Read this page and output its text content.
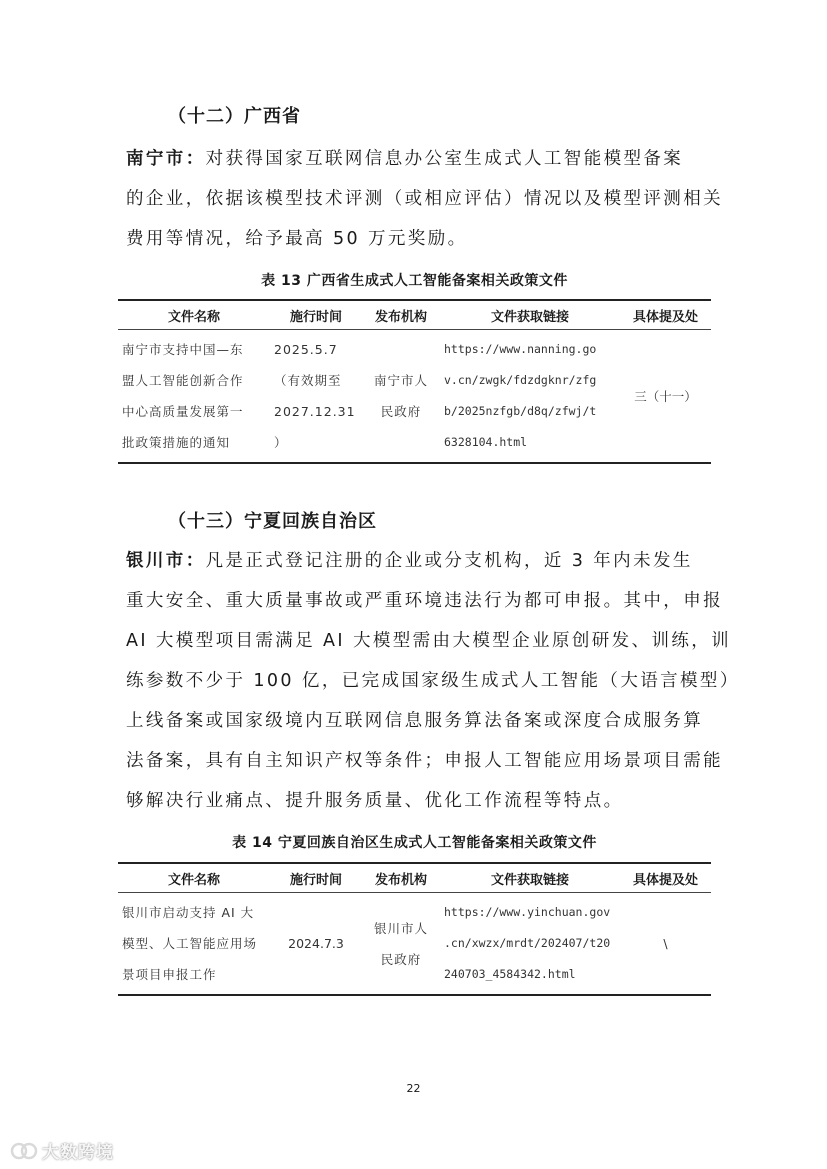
（十二）广西省
南宁市：对获得国家互联网信息办公室生成式人工智能模型备案
的企业，依据该模型技术评测（或相应评估）情况以及模型评测相关
费用等情况，给予最高 50 万元奖励。
表 13 广西省生成式人工智能备案相关政策文件
文件名称	施行时间	发布机构	文件获取链接	具体提及处

南宁市支持中国—东
盟人工智能创新合作
中心高质量发展第一
批政策措施的通知	2025.5.7
（有效期至
2027.12.31
）	南宁市人
民政府	https://www.nanning.go
v.cn/zwgk/fdzdgknr/zfg
b/2025nzfgb/d8q/zfwj/t
6328104.html	三（十一）
（十三）宁夏回族自治区
银川市：凡是正式登记注册的企业或分支机构，近 3 年内未发生
重大安全、重大质量事故或严重环境违法行为都可申报。其中，申报
AI 大模型项目需满足 AI 大模型需由大模型企业原创研发、训练，训
练参数不少于 100 亿，已完成国家级生成式人工智能（大语言模型）
上线备案或国家级境内互联网信息服务算法备案或深度合成服务算
法备案，具有自主知识产权等条件；申报人工智能应用场景项目需能
够解决行业痛点、提升服务质量、优化工作流程等特点。
表 14 宁夏回族自治区生成式人工智能备案相关政策文件
文件名称	施行时间	发布机构	文件获取链接	具体提及处

银川市启动支持 AI 大
模型、人工智能应用场
景项目申报工作	2024.7.3	银川市人
民政府	https://www.yinchuan.gov
.cn/xwzx/mrdt/202407/t20
240703_4584342.html	\
22
大数跨境
